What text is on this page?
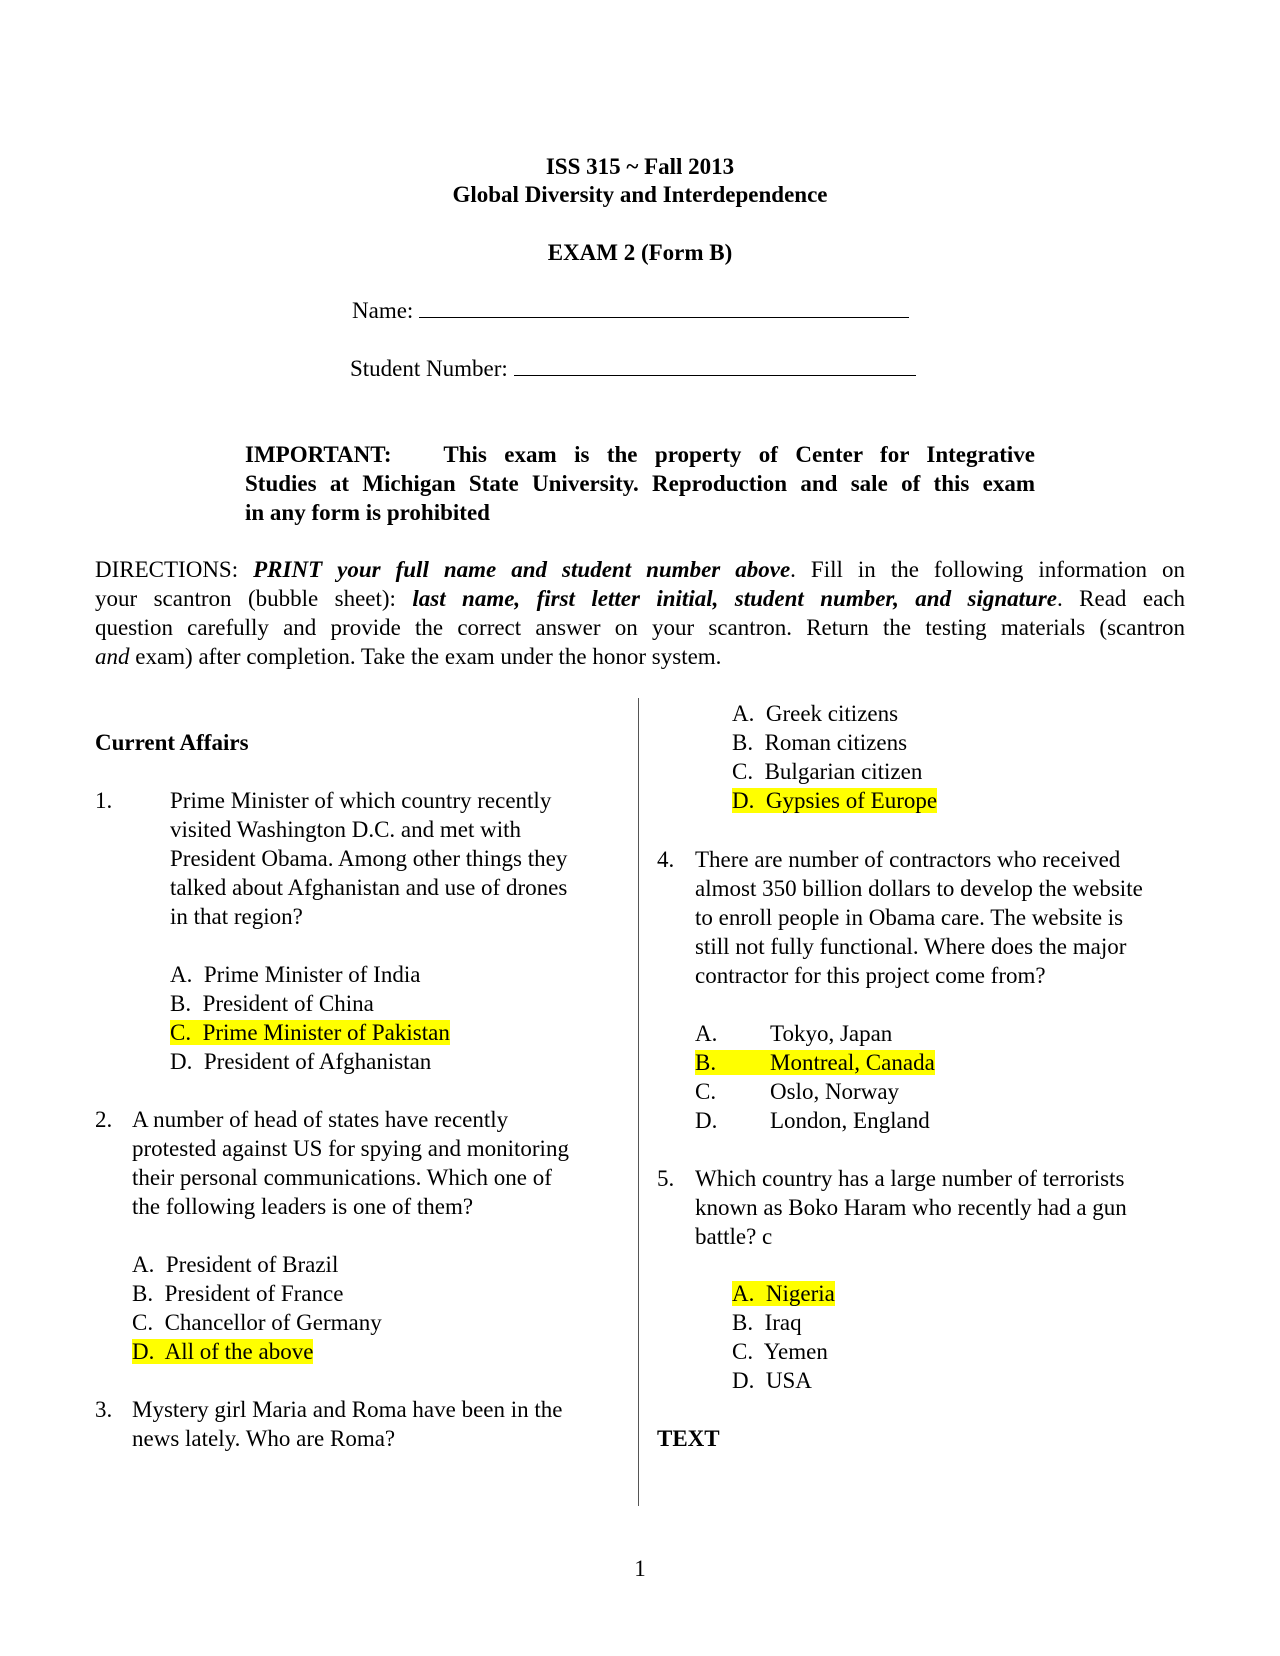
ISS 315 ~ Fall 2013
Global Diversity and Interdependence
EXAM 2 (Form B)
Name:
Student Number:
IMPORTANT: This exam is the property of Center for Integrative
Studies at Michigan State University. Reproduction and sale of this exam
in any form is prohibited
DIRECTIONS: PRINT your full name and student number above. Fill in the following information on
your scantron (bubble sheet): last name, first letter initial, student number, and signature. Read each
question carefully and provide the correct answer on your scantron. Return the testing materials (scantron
and exam) after completion. Take the exam under the honor system.
Current Affairs
1.	Prime Minister of which country recently
visited Washington D.C. and met with
President Obama. Among other things they
talked about Afghanistan and use of drones
in that region?
A. Prime Minister of India
B. President of China
C. Prime Minister of Pakistan
D. President of Afghanistan
2. A number of head of states have recently
protested against US for spying and monitoring
their personal communications. Which one of
the following leaders is one of them?
A. President of Brazil
B. President of France
C. Chancellor of Germany
D. All of the above
3. Mystery girl Maria and Roma have been in the
news lately. Who are Roma?
A. Greek citizens
B. Roman citizens
C. Bulgarian citizen
D. Gypsies of Europe
4. There are number of contractors who received
almost 350 billion dollars to develop the website
to enroll people in Obama care. The website is
still not fully functional. Where does the major
contractor for this project come from?
A. Tokyo, Japan
B. Montreal, Canada
C. Oslo, Norway
D. London, England
5. Which country has a large number of terrorists
known as Boko Haram who recently had a gun
battle? c
A. Nigeria
B. Iraq
C. Yemen
D. USA
TEXT
1
